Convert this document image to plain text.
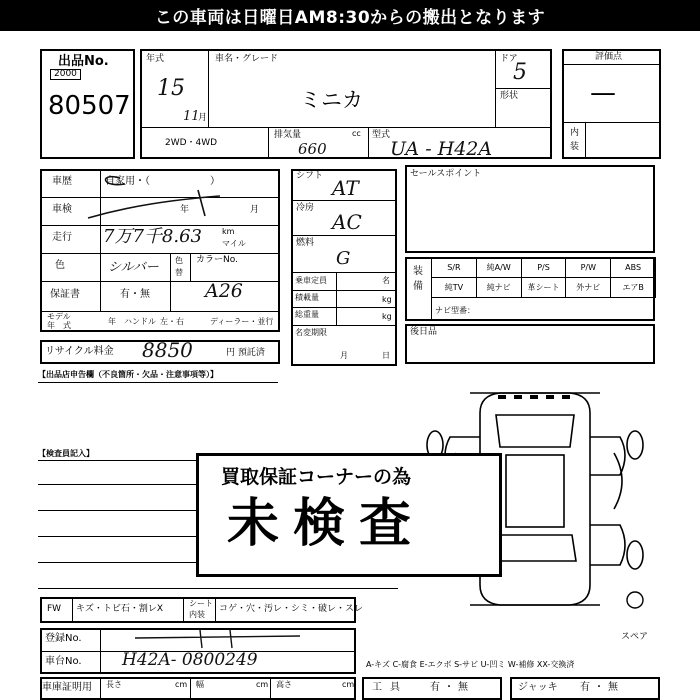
この車両は日曜日AM8:30からの搬出となります
出品No.
2000
80507
年式
15
11
月
車名・グレード
ミニカ
ドア
5
形状
2WD・4WD
排気量	cc
660
型式
UA - H42A
評価点
—
内
装
車歴	自家用・（　　　　　　）
車検	年	月
走行 7万7千8.63	km
マイル
色	シルバー 色
替
カラーNo.
A26
保証書	有・無
モデル
年　式	年 ハンドル 左・右	ディーラー・並行
リサイクル料金 8850	円 預託済
シフト AT
冷房
AC
燃料
G
乗車定員	名
積載量	kg
総重量	kg
名変期限
月	日
セールスポイント
装
備
S/R	純A/W	P/S	P/W	ABS
純TV	純ナビ	革シート	外ナビ	エアB
ナビ型番：
後日品
【出品店申告欄（不良箇所・欠品・注意事項等）】
【検査員記入】
スペア
買取保証コーナーの為
未検査
FW キズ・トビ石・割レX
シート
内装
コゲ・穴・汚レ・シミ・破レ・スレ
登録No.
車台No. H42A- 0800249	A-キズ C-腐食 E-エクボ S-サビ U-凹ミ W-補修 XX-交換済
車庫証明用 長さ	cm 幅	cm 高さ	cm 工具 有・無	ジャッキ 有・無
